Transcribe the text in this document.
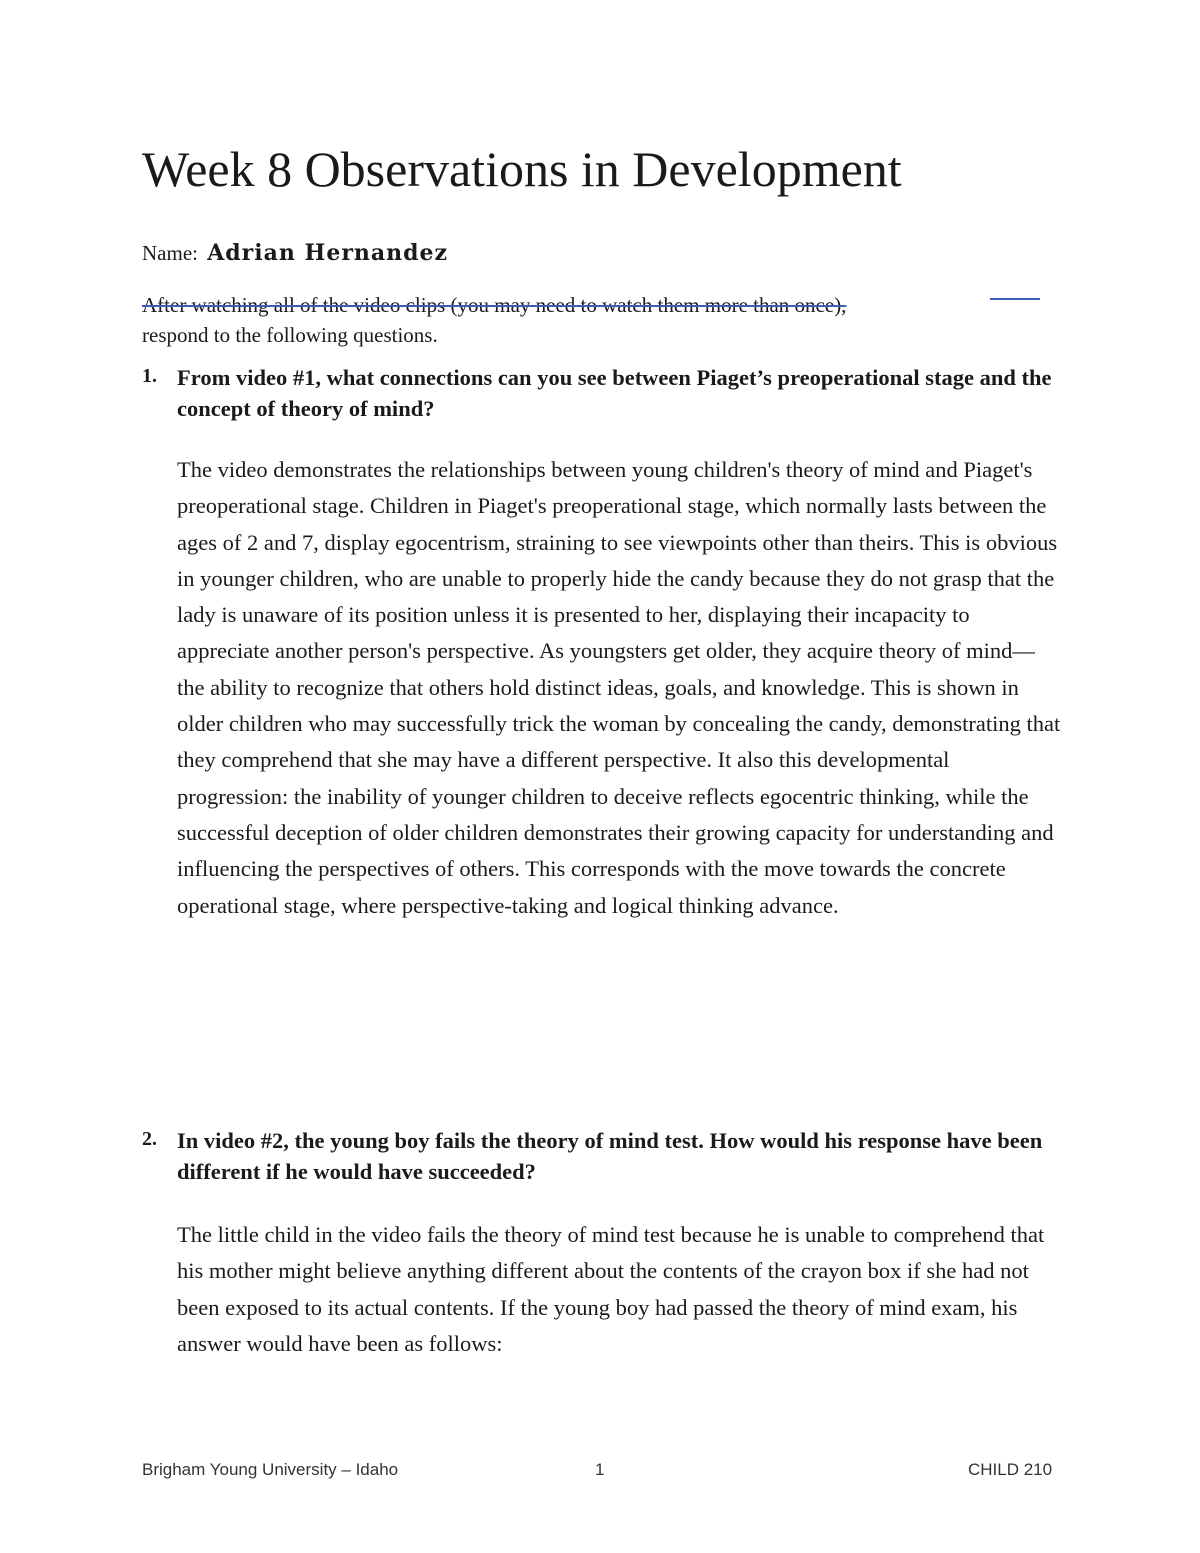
Week 8 Observations in Development
Name: Adrian Hernandez
After watching all of the video clips (you may need to watch them more than once),
respond to the following questions.
1. From video #1, what connections can you see between Piaget’s preoperational stage and the concept of theory of mind?
The video demonstrates the relationships between young children's theory of mind and Piaget's preoperational stage. Children in Piaget's preoperational stage, which normally lasts between the ages of 2 and 7, display egocentrism, straining to see viewpoints other than theirs. This is obvious in younger children, who are unable to properly hide the candy because they do not grasp that the lady is unaware of its position unless it is presented to her, displaying their incapacity to appreciate another person's perspective. As youngsters get older, they acquire theory of mind—the ability to recognize that others hold distinct ideas, goals, and knowledge. This is shown in older children who may successfully trick the woman by concealing the candy, demonstrating that they comprehend that she may have a different perspective. It also this developmental progression: the inability of younger children to deceive reflects egocentric thinking, while the successful deception of older children demonstrates their growing capacity for understanding and influencing the perspectives of others. This corresponds with the move towards the concrete operational stage, where perspective-taking and logical thinking advance.
2. In video #2, the young boy fails the theory of mind test. How would his response have been different if he would have succeeded?
The little child in the video fails the theory of mind test because he is unable to comprehend that his mother might believe anything different about the contents of the crayon box if she had not been exposed to its actual contents. If the young boy had passed the theory of mind exam, his answer would have been as follows:
Brigham Young University – Idaho	1	CHILD 210
